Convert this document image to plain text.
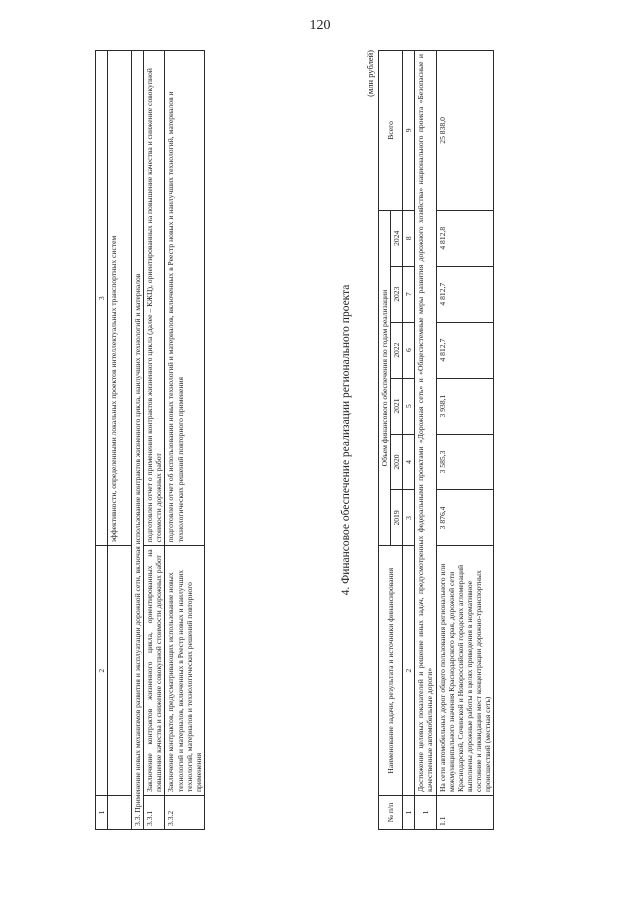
120
1	2	3
		эффективности, определенными локальных проектов интеллектуальных транспортных систем
3.3. Применение новых механизмов развития и эксплуатации дорожной сети, включая использование контрактов жизненного цикла, наилучших технологий и материалов		
3.3.1	Заключение контрактов жизненного цикла, ориентированных на повышение качества и снижение совокупной стоимости дорожных работ	подготовлен отчет о применении контрактов жизненного цикла (далее – КЖЦ), ориентированных на повышение качества и снижение совокупной стоимости дорожных работ
3.3.2	Заключение контрактов, предусматривающих использование новых технологий и материалов, включенных в Реестр новых и наилучших технологий, материалов и технологических решений повторного применения	подготовлен отчет об использовании новых технологий и материалов, включенных в Реестр новых и наилучших технологий, материалов и технологических решений повторного применения	4. Финансовое обеспечение реализации регионального проекта
(млн рублей)
№ п/п	Наименование задачи, результата и источники финансирования	Объем финансового обеспечения по годам реализации						Всего
		2019	2020	2021	2022	2023	2024	
1	2	3	4	5	6	7	8	9
1	Достижение целевых показателей и решение иных задач, предусмотренных федеральными проектами «Дорожная сеть» и «Общесистемные меры развития дорожного хозяйства» национального проекта «Безопасные и качественные автомобильные дороги»							
1.1	На сети автомобильных дорог общего пользования регионального или межмуниципального значения Краснодарского края, дорожной сети Краснодарской, Сочинской и Новороссийской городских агломераций выполнены дорожные работы в целях приведения в нормативное состояние и ликвидации мест концентрации дорожно-транспортных происшествий (местная сеть)	3 876,4	3 585,3	3 938,1	4 812,7	4 812,7	4 812,8	25 838,0
